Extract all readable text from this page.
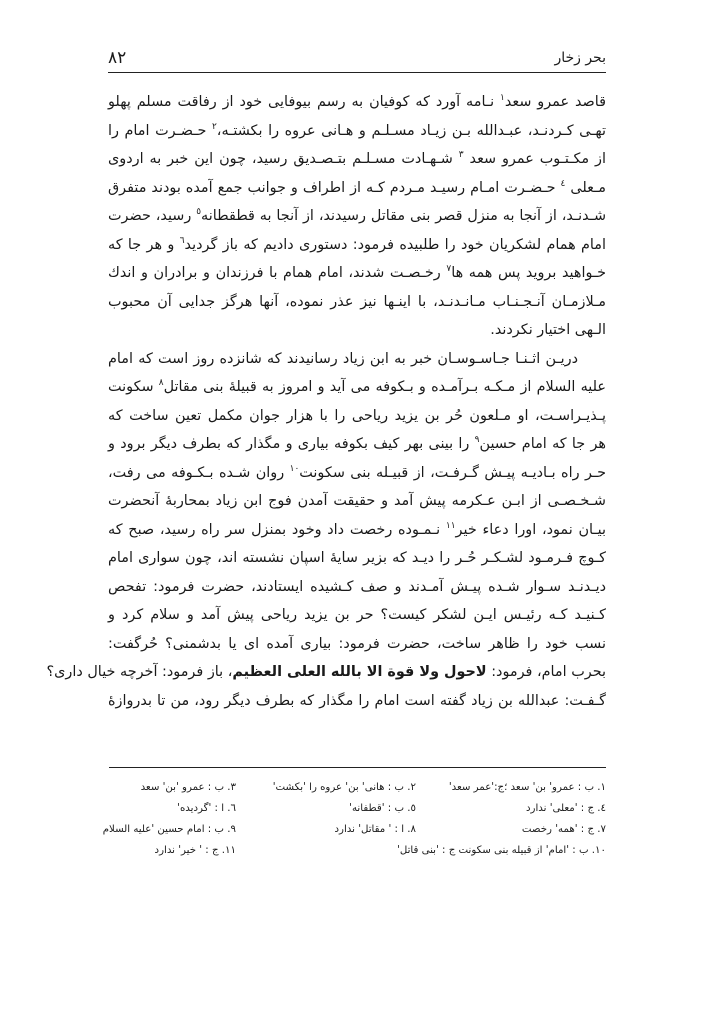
بحر زخار
۸۲
قاصد عمرو سعد$^۱$ نـامه آورد که کوفیان به رسم بیوفایی خود از رفاقت مسلم پهلو
تهـی کـردنـد، عبـدالله بـن زیـاد مسـلـم و هـانی عروه را بکشتـه،$^۲$ حـضـرت امام را
از مکـتـوب عمرو سعد $^۳$ شـهـادت مسـلـم بتـصـدیق رسید، چون این خبر به اردوی
مـعلی $^٤$ حـضـرت امـام رسیـد مـردم کـه از اطراف و جوانب جمع آمده بودند متفرق
شـدنـد، از آنجا به منزل قصر بنی مقاتل رسیدند، از آنجا به قطقطانه$^٥$ رسید، حضرت
امام همام لشکریان خود را طلبیده فرمود: دستوری دادیم که باز گردید$^٦$ و هر جا که
خـواهید بروید پس همه ها$^۷$ رخـصـت شدند، امام همام با فرزندان و برادران و اندك
مـلازمـان آنـجـنـاب مـانـدنـد، با اینـها نیز عذر نموده، آنها هرگز جدایی آن محبوب
الـهی اختیار نکردند.
دریـن اثـنـا جـاسـوسـان خبر به ابن زیاد رسانیدند که شانزده روز است که امام
علیه السلام از مـکـه بـرآمـده و بـکوفه می آید و امروز به قبیلهٔ بنی مقاتل$^۸$ سکونت
پـذیـراسـت، او مـلعون حُر بن یزید ریاحی را با هزار جوان مکمل تعین ساخت که
هر جا که امام حسین$^۹$ را بینی بهر کیف بکوفه بیاری و مگذار که بطرف دیگر برود و
حـر راه بـادیـه پیـش گـرفـت، از قبیـله بنی سکونت$^{۱۰}$ روان شـده بـکـوفه می رفت،
شـخـصـی از ابـن عـکرمه پیش آمد و حقیقت آمدن فوج ابن زیاد بمحاربهٔ آنحضرت
بیـان نمود، اورا دعاء خیر$^{۱۱}$ نـمـوده رخصت داد وخود بمنزل سر راه رسید، صبح که
کـوچ فـرمـود لشـکـر حُـر را دیـد که بزیر سایهٔ اسپان نشسته اند، چون سواری امام
دیـدنـد سـوار شـده پیـش آمـدند و صف کـشیده ایستادند، حضرت فرمود: تفحص
کـنیـد کـه رئیـس ایـن لشکر کیست؟ حر بن یزید ریاحی پیش آمد و سلام کرد و
نسب خود را ظاهر ساخت، حضرت فرمود: بیاری آمده ای یا بدشمنی؟ حُرگفت:
بحرب امام، فرمود: لاحول ولا قوة الا بالله العلی العظیم، باز فرمود: آخرچه خیال داری؟
گـفـت: عبدالله بن زیاد گفته است امام را مگذار که بطرف دیگر رود، من تا بدروازهٔ
۱. ب : عمرو' بن' سعد ؛ج:'عمر سعد'
۲. ب : هانی' بن' عروه را 'بکشت'
۳. ب : عمرو 'بن' سعد
٤. ج : 'معلی' ندارد
٥. ب : 'قطفانه'
٦. ا : 'گردیده'
۷. ج : 'همه' رخصت
۸. ا : ' مقاتل' ندارد
۹. ب : امام حسین 'علیه السلام
۱۰. ب : 'امام' از قبیله بنی سکونت ج : 'بنی قاتل'
۱۱. ج : ' خیر' ندارد
